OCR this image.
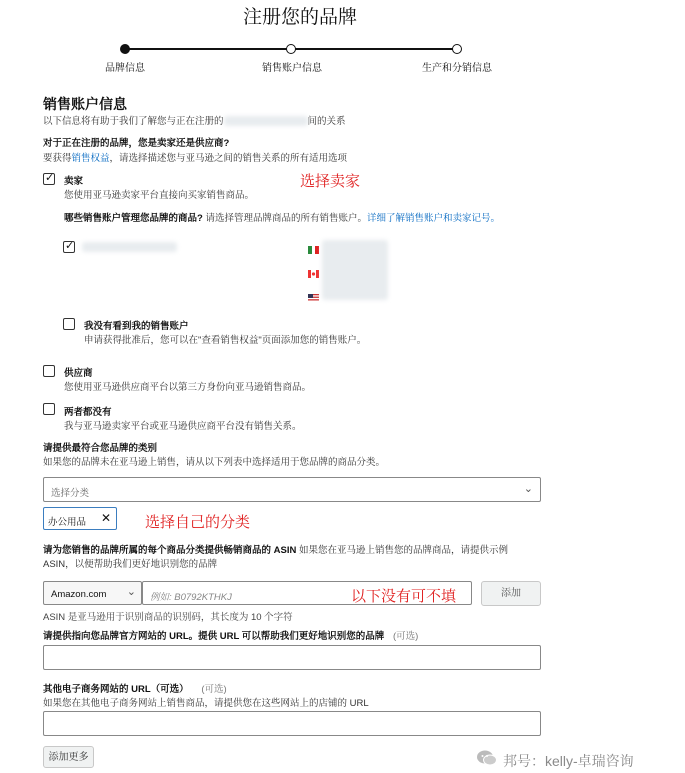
注册您的品牌
品牌信息	销售账户信息	生产和分销信息
销售账户信息
以下信息将有助于我们了解您与正在注册的	间的关系
对于正在注册的品牌，您是卖家还是供应商?
要获得销售权益，请选择描述您与亚马逊之间的销售关系的所有适用选项
✓
卖家
您使用亚马逊卖家平台直接向买家销售商品。
选择卖家
哪些销售账户管理您品牌的商品? 请选择管理品牌商品的所有销售账户。详细了解销售账户和卖家记号。
✓
我没有看到我的销售账户
申请获得批准后，您可以在"查看销售权益"页面添加您的销售账户。
供应商
您使用亚马逊供应商平台以第三方身份向亚马逊销售商品。
两者都没有
我与亚马逊卖家平台或亚马逊供应商平台没有销售关系。
请提供最符合您品牌的类别
如果您的品牌未在亚马逊上销售，请从以下列表中选择适用于您品牌的商品分类。
选择分类	⌄
办公用品 ✕ 选择自己的分类
请为您销售的品牌所属的每个商品分类提供畅销商品的 ASIN 如果您在亚马逊上销售您的品牌商品，请提供示例
ASIN，以便帮助我们更好地识别您的品牌
Amazon.com ⌄ 例如: B0792KTHKJ	以下没有可不填	添加
ASIN 是亚马逊用于识别商品的识别码，其长度为 10 个字符
请提供指向您品牌官方网站的 URL。提供 URL 可以帮助我们更好地识别您的品牌 (可选)
其他电子商务网站的 URL（可选） (可选)
如果您在其他电子商务网站上销售商品，请提供您在这些网站上的店铺的 URL
添加更多	邦号：kelly-卓瑞咨询
